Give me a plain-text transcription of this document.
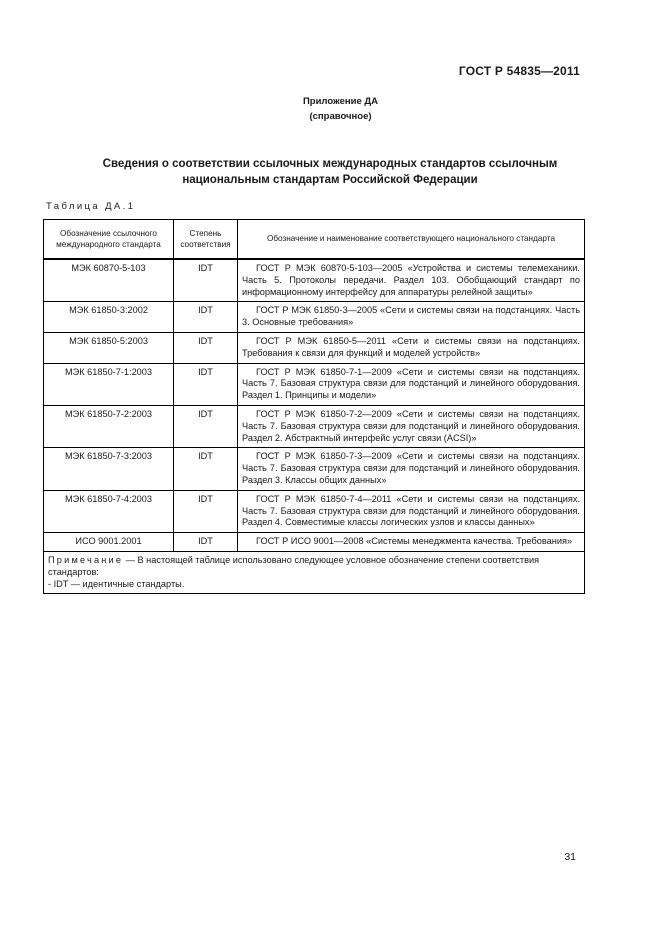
ГОСТ Р 54835—2011
Приложение ДА
(справочное)
Сведения о соответствии ссылочных международных стандартов ссылочным
национальным стандартам Российской Федерации
Таблица ДА.1
Обозначение ссылочного международного стандарта	Степень соответствия	Обозначение и наименование соответствующего национального стандарта
МЭК 60870-5-103	IDT	ГОСТ Р МЭК 60870-5-103—2005 «Устройства и системы телемеханики. Часть 5. Протоколы передачи. Раздел 103. Обобщающий стандарт по информационному интерфейсу для аппаратуры релейной защиты»
МЭК 61850-3:2002	IDT	ГОСТ Р МЭК 61850-3—2005 «Сети и системы связи на подстанциях. Часть 3. Основные требования»
МЭК 61850-5:2003	IDT	ГОСТ Р МЭК 61850-5—2011 «Сети и системы связи на подстанциях. Требования к связи для функций и моделей устройств»
МЭК 61850-7-1:2003	IDT	ГОСТ Р МЭК 61850-7-1—2009 «Сети и системы связи на подстанциях. Часть 7. Базовая структура связи для подстанций и линейного оборудования. Раздел 1. Принципы и модели»
МЭК 61850-7-2:2003	IDT	ГОСТ Р МЭК 61850-7-2—2009 «Сети и системы связи на подстанциях. Часть 7. Базовая структура связи для подстанций и линейного оборудования. Раздел 2. Абстрактный интерфейс услуг связи (ACSI)»
МЭК 61850-7-3:2003	IDT	ГОСТ Р МЭК 61850-7-3—2009 «Сети и системы связи на подстанциях. Часть 7. Базовая структура связи для подстанций и линейного оборудования. Раздел 3. Классы общих данных»
МЭК 61850-7-4:2003	IDT	ГОСТ Р МЭК 61850-7-4—2011 «Сети и системы связи на подстанциях. Часть 7. Базовая структура связи для подстанций и линейного оборудования. Раздел 4. Совместимые классы логических узлов и классы данных»
ИСО 9001.2001	IDT	ГОСТ Р ИСО 9001—2008 «Системы менеджмента качества. Требования»
Примечание — В настоящей таблице использовано следующее условное обозначение степени соответствия стандартов:
- IDT — идентичные стандарты.		
31
